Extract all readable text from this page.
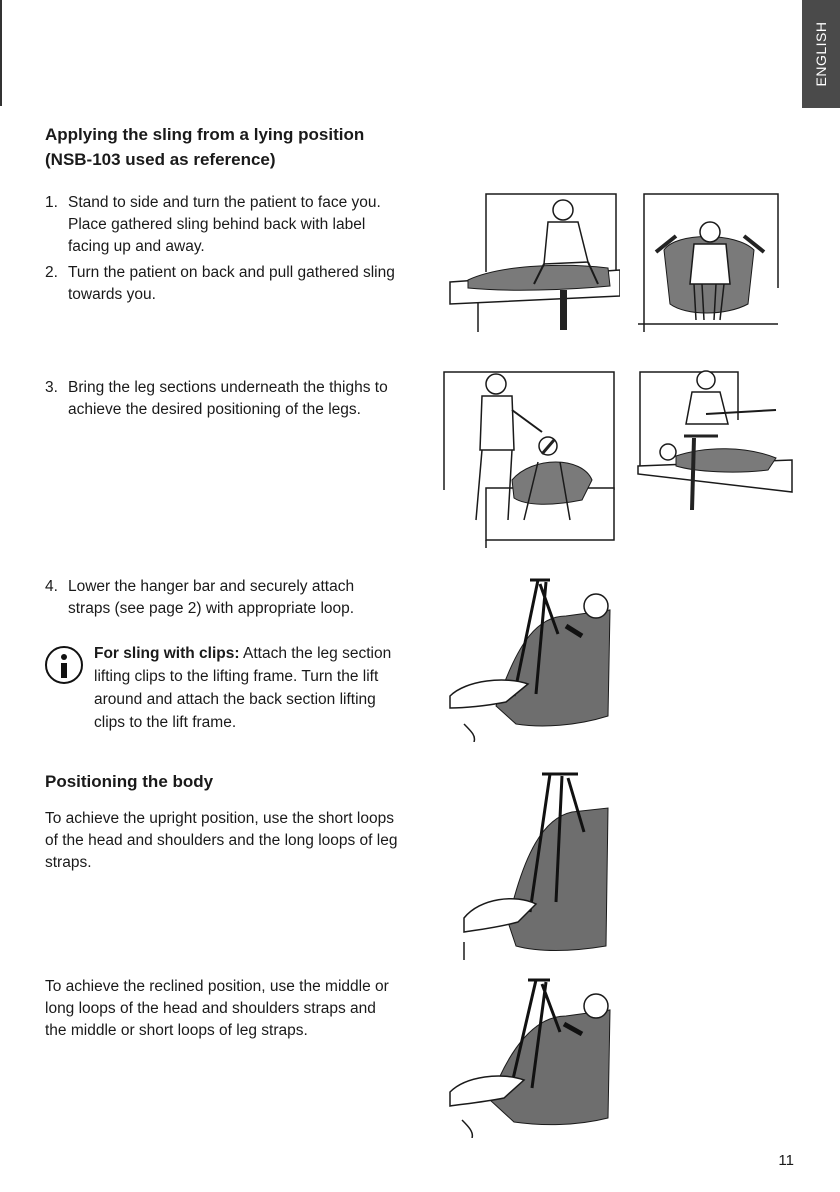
ENGLISH
Applying the sling from a lying position
(NSB-103 used as reference)
1. Stand to side and turn the patient to face you. Place gathered sling behind back with label facing up and away.
2. Turn the patient on back and pull gathered sling towards you.
3. Bring the leg sections underneath the thighs to achieve the desired positioning of the legs.
4. Lower the hanger bar and securely attach straps (see page 2) with appropriate loop.
For sling with clips: Attach the leg section lifting clips to the lifting frame. Turn the lift around and attach the back section lifting clips to the lift frame.
Positioning the body

To achieve the upright position, use the short loops of the head and shoulders and the long loops of leg straps.

To achieve the reclined position, use the middle or long loops of the head and shoulders straps and the middle or short loops of leg straps.

11
